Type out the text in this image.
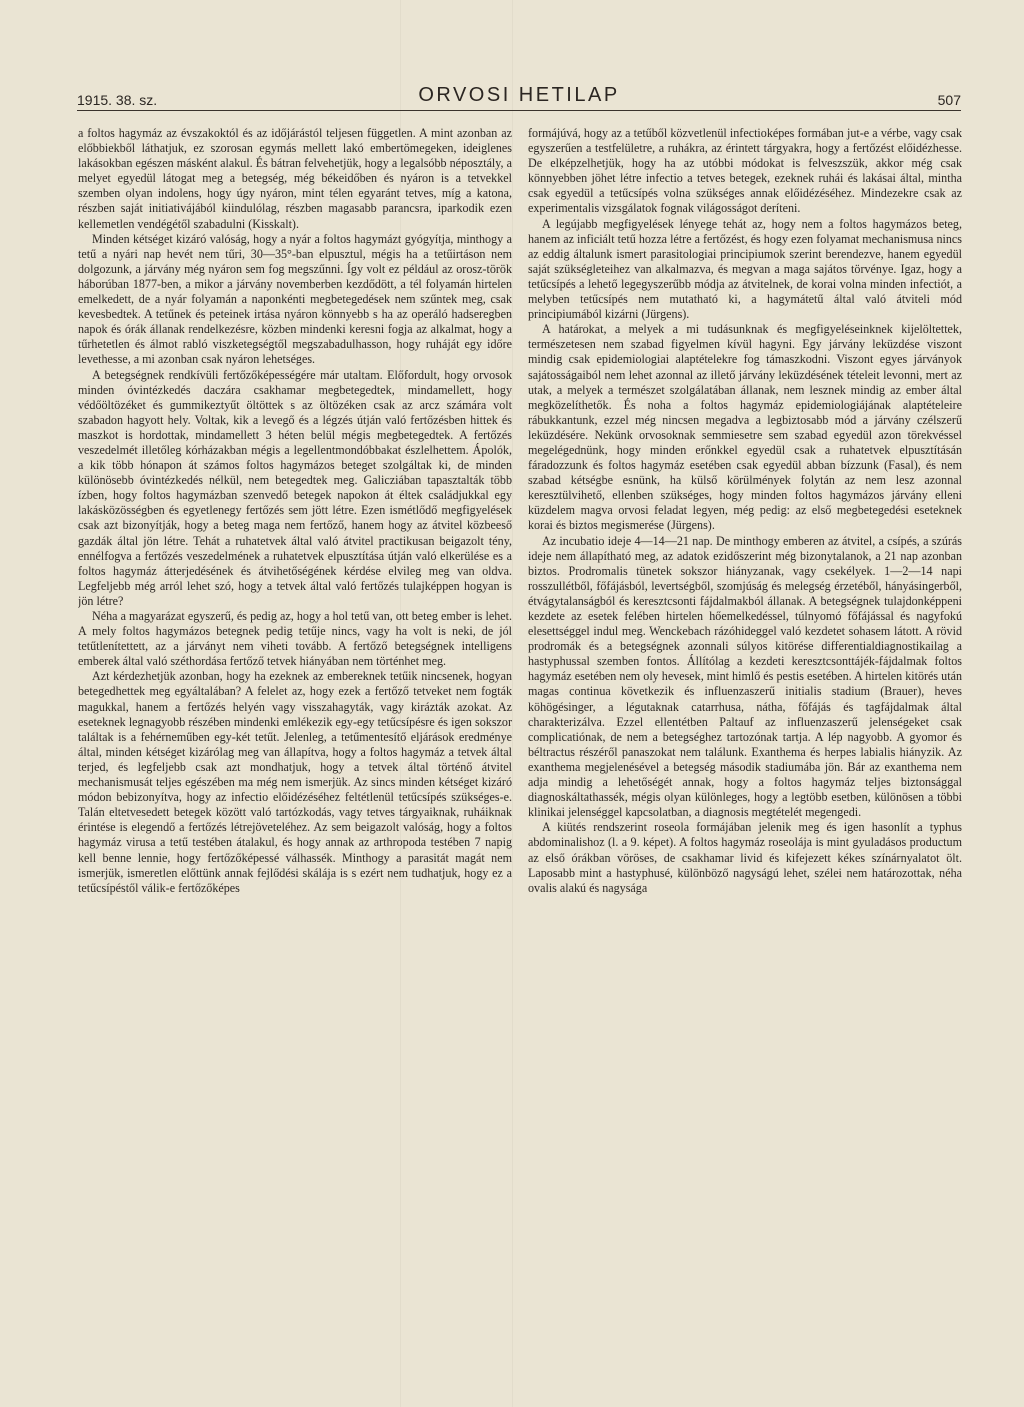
1915. 38. sz.	ORVOSI HETILAP	507

a foltos hagymáz az évszakoktól és az időjárástól teljesen független. A mint azonban az előbbiekből láthatjuk, ez szorosan egymás mellett lakó embertömegeken, ideiglenes lakásokban egészen másként alakul. És bátran felvehetjük, hogy a legalsóbb néposztály, a melyet egyedül látogat meg a betegség, még békeidőben és nyáron is a tetvekkel szemben olyan indolens, hogy úgy nyáron, mint télen egyaránt tetves, míg a katona, részben saját initiativájából kiindulólag, részben magasabb parancsra, iparkodik ezen kellemetlen vendégétől szabadulni (Kisskalt).

Minden kétséget kizáró valóság, hogy a nyár a foltos hagymázt gyógyítja, minthogy a tetű a nyári nap hevét nem tűri, 30—35°-ban elpusztul, mégis ha a tetűirtáson nem dolgozunk, a járvány még nyáron sem fog megszűnni. Így volt ez például az orosz-török háborúban 1877-ben, a mikor a járvány novemberben kezdődött, a tél folyamán hirtelen emelkedett, de a nyár folyamán a naponkénti megbetegedések nem szűntek meg, csak kevesbedtek. A tetűnek és peteinek irtása nyáron könnyebb s ha az operáló hadseregben napok és órák állanak rendelkezésre, közben mindenki keresni fogja az alkalmat, hogy a tűrhetetlen és álmot rabló viszketegségtől megszabadulhasson, hogy ruháját egy időre levethesse, a mi azonban csak nyáron lehetséges.

A betegségnek rendkívüli fertőzőképességére már utaltam. Előfordult, hogy orvosok minden óvintézkedés daczára csakhamar megbetegedtek, mindamellett, hogy védőöltözéket és gummikeztyűt öltöttek s az öltözéken csak az arcz számára volt szabadon hagyott hely. Voltak, kik a levegő és a légzés útján való fertőzésben hittek és maszkot is hordottak, mindamellett 3 héten belül mégis megbetegedtek. A fertőzés veszedelmét illetőleg kórházakban mégis a legellentmondóbbakat észlelhettem. Ápolók, a kik több hónapon át számos foltos hagymázos beteget szolgáltak ki, de minden különösebb óvintézkedés nélkül, nem betegedtek meg. Galicziában tapasztalták több ízben, hogy foltos hagymázban szenvedő betegek napokon át éltek családjukkal egy lakásközösségben és egyetlenegy fertőzés sem jött létre. Ezen ismétlődő megfigyelések csak azt bizonyítják, hogy a beteg maga nem fertőző, hanem hogy az átvitel közbeeső gazdák által jön létre. Tehát a ruhatetvek által való átvitel practikusan beigazolt tény, ennélfogva a fertőzés veszedelmének a ruhatetvek elpusztítása útján való elkerülése es a foltos hagymáz átterjedésének és átvihetőségének kérdése elvileg meg van oldva. Legfeljebb még arról lehet szó, hogy a tetvek által való fertőzés tulajképpen hogyan is jön létre?

Néha a magyarázat egyszerű, és pedig az, hogy a hol tetű van, ott beteg ember is lehet. A mely foltos hagymázos betegnek pedig tetűje nincs, vagy ha volt is neki, de jól tetűtlenítettett, az a járványt nem viheti tovább. A fertőző betegségnek intelligens emberek által való széthordása fertőző tetvek hiányában nem történhet meg.

Azt kérdezhetjük azonban, hogy ha ezeknek az embereknek tetűik nincsenek, hogyan betegedhettek meg egyáltalában? A felelet az, hogy ezek a fertőző tetveket nem fogták magukkal, hanem a fertőzés helyén vagy visszahagyták, vagy kirázták azokat. Az eseteknek legnagyobb részében mindenki emlékezik egy-egy tetűcsípésre és igen sokszor találtak is a fehérneműben egy-két tetűt. Jelenleg, a tetűmentesítő eljárások eredménye által, minden kétséget kizárólag meg van állapítva, hogy a foltos hagymáz a tetvek által terjed, és legfeljebb csak azt mondhatjuk, hogy a tetvek által történő átvitel mechanismusát teljes egészében ma még nem ismerjük. Az sincs minden kétséget kizáró módon bebizonyítva, hogy az infectio előidézéséhez feltétlenül tetűcsípés szükséges-e. Talán eltetvesedett betegek között való tartózkodás, vagy tetves tárgyaiknak, ruháiknak érintése is elegendő a fertőzés létrejöveteléhez. Az sem beigazolt valóság, hogy a foltos hagymáz virusa a tetű testében átalakul, és hogy annak az arthropoda testében 7 napig kell benne lennie, hogy fertőzőképessé válhassék. Minthogy a parasitát magát nem ismerjük, ismeretlen előttünk annak fejlődési skálája is s ezért nem tudhatjuk, hogy ez a tetűcsípéstől válik-e fertőzőképes

formájúvá, hogy az a tetűből közvetlenül infectioképes formában jut-e a vérbe, vagy csak egyszerűen a testfelületre, a ruhákra, az érintett tárgyakra, hogy a fertőzést előidézhesse. De elképzelhetjük, hogy ha az utóbbi módokat is felveszszük, akkor még csak könnyebben jöhet létre infectio a tetves betegek, ezeknek ruhái és lakásai által, mintha csak egyedül a tetűcsípés volna szükséges annak előidézéséhez. Mindezekre csak az experimentalis vizsgálatok fognak világosságot deríteni.

A legújabb megfigyelések lényege tehát az, hogy nem a foltos hagymázos beteg, hanem az inficiált tetű hozza létre a fertőzést, és hogy ezen folyamat mechanismusa nincs az eddig általunk ismert parasitologiai principiumok szerint berendezve, hanem egyedül saját szükségleteihez van alkalmazva, és megvan a maga sajátos törvénye. Igaz, hogy a tetűcsípés a lehető legegyszerűbb módja az átvitelnek, de korai volna minden infectiót, a melyben tetűcsípés nem mutatható ki, a hagymátetű által való átviteli mód principiumából kizárni (Jürgens).

A határokat, a melyek a mi tudásunknak és megfigyeléseinknek kijelöltettek, természetesen nem szabad figyelmen kívül hagyni. Egy járvány leküzdése viszont mindig csak epidemiologiai alaptételekre fog támaszkodni. Viszont egyes járványok sajátosságaiból nem lehet azonnal az illető járvány leküzdésének tételeit levonni, mert az utak, a melyek a természet szolgálatában állanak, nem lesznek mindig az ember által megközelíthetők. És noha a foltos hagymáz epidemiologiájának alaptételeire rábukkantunk, ezzel még nincsen megadva a legbiztosabb mód a járvány czélszerű leküzdésére. Nekünk orvosoknak semmiesetre sem szabad egyedül azon törekvéssel megelégednünk, hogy minden erőnkkel egyedül csak a ruhatetvek elpusztításán fáradozzunk és foltos hagymáz esetében csak egyedül abban bízzunk (Fasal), és nem szabad kétségbe esnünk, ha külső körülmények folytán az nem lesz azonnal keresztülvihető, ellenben szükséges, hogy minden foltos hagymázos járvány elleni küzdelem magva orvosi feladat legyen, még pedig: az első megbetegedési eseteknek korai és biztos megismerése (Jürgens).

Az incubatio ideje 4—14—21 nap. De minthogy emberen az átvitel, a csípés, a szúrás ideje nem állapítható meg, az adatok ezidőszerint még bizonytalanok, a 21 nap azonban biztos. Prodromalis tünetek sokszor hiányzanak, vagy csekélyek. 1—2—14 napi rosszullétből, főfájásból, levertségből, szomjúság és melegség érzetéből, hányásingerből, étvágytalanságból és keresztcsonti fájdalmakból állanak. A betegségnek tulajdonképpeni kezdete az esetek felében hirtelen hőemelkedéssel, túlnyomó főfájással és nagyfokú elesettséggel indul meg. Wenckebach rázóhideggel való kezdetet sohasem látott. A rövid prodromák és a betegségnek azonnali súlyos kitörése differentialdiagnostikailag a hastyphussal szemben fontos. Állítólag a kezdeti keresztcsonttájék-fájdalmak foltos hagymáz esetében nem oly hevesek, mint himlő és pestis esetében. A hirtelen kitörés után magas continua következik és influenzaszerű initialis stadium (Brauer), heves köhögésinger, a légutaknak catarrhusa, nátha, főfájás és tagfájdalmak által charakterizálva. Ezzel ellentétben Paltauf az influenzaszerű jelenségeket csak complicatiónak, de nem a betegséghez tartozónak tartja. A lép nagyobb. A gyomor és béltractus részéről panaszokat nem találunk. Exanthema és herpes labialis hiányzik. Az exanthema megjelenésével a betegség második stadiumába jön. Bár az exanthema nem adja mindig a lehetőségét annak, hogy a foltos hagymáz teljes biztonsággal diagnoskáltathassék, mégis olyan különleges, hogy a legtöbb esetben, különösen a többi klinikai jelenséggel kapcsolatban, a diagnosis megtételét megengedi.

A kiütés rendszerint roseola formájában jelenik meg és igen hasonlít a typhus abdominalishoz (l. a 9. képet). A foltos hagymáz roseolája is mint gyuladásos productum az első órákban vöröses, de csakhamar livid és kifejezett kékes színárnyalatot ölt. Laposabb mint a hastyphusé, különböző nagyságú lehet, szélei nem határozottak, néha ovalis alakú és nagysága
